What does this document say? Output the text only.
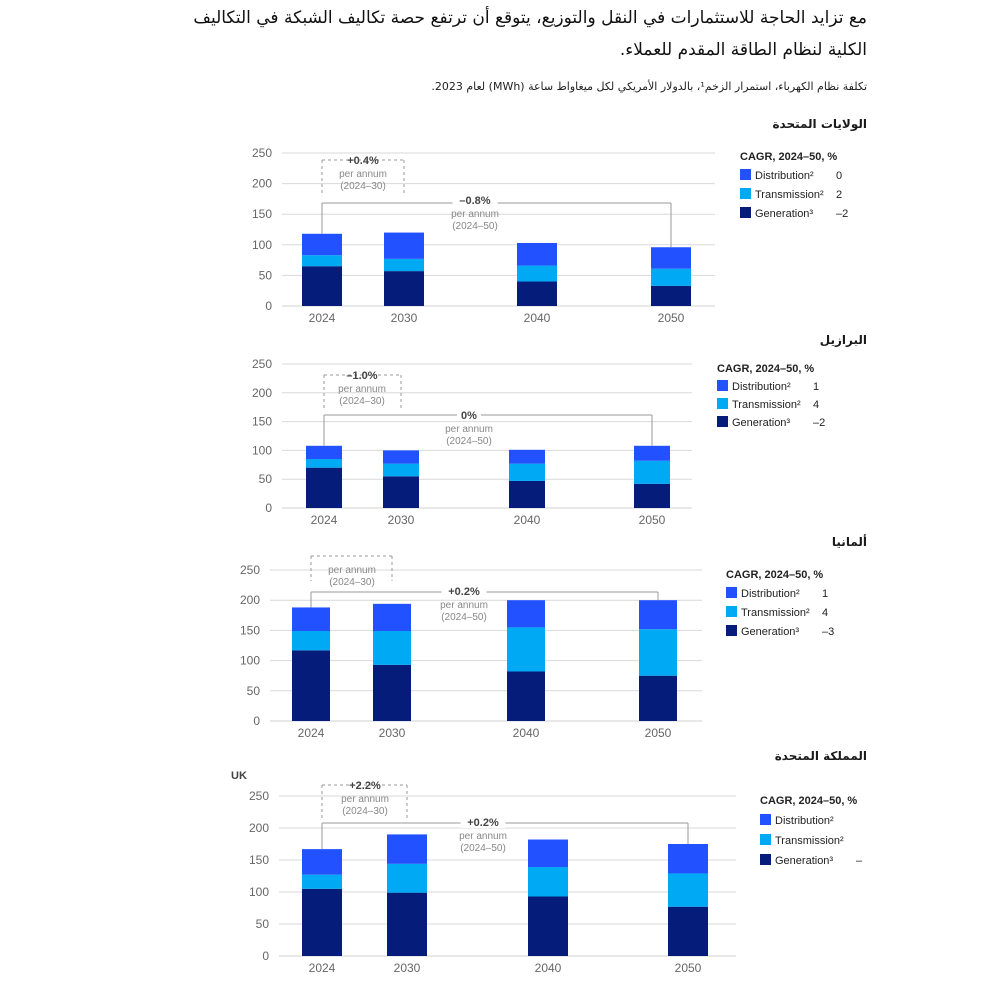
مع تزايد الحاجة للاستثمارات في النقل والتوزيع، يتوقع أن ترتفع حصة تكاليف الشبكة في التكاليف الكلية لنظام الطاقة المقدم للعملاء.
تكلفة نظام الكهرباء، استمرار الزخم¹، بالدولار الأمريكي لكل ميغاواط ساعة (MWh) لعام 2023.
الولايات المتحدة
البرازيل
ألمانيا
المملكة المتحدة
0
50
100
150
200
250
2024	2030	2040	2050
+0.4%
per annum
(2024–30)
–0.8%
per annum
(2024–50)
CAGR, 2024–50, %
Distribution² 0
Transmission² 2
Generation³ –2
0
50
100
150
200
250
2024	2030	2040	2050
–1.0%
per annum
(2024–30)
0%
per annum
(2024–50)
CAGR, 2024–50, %
Distribution² 1
Transmission² 4
Generation³ –2
0
50
100
150
200
250
2024	2030	2040	2050
per annum
(2024–30)
+0.2%
per annum
(2024–50)
CAGR, 2024–50, %
Distribution² 1
Transmission² 4
Generation³ –3
0
50
100
150
200
250
2024	2030	2040	2050
+2.2%
per annum
(2024–30)
+0.2%
per annum
(2024–50)
CAGR, 2024–50, %
Distribution²
Transmission²
Generation³ –
UK
